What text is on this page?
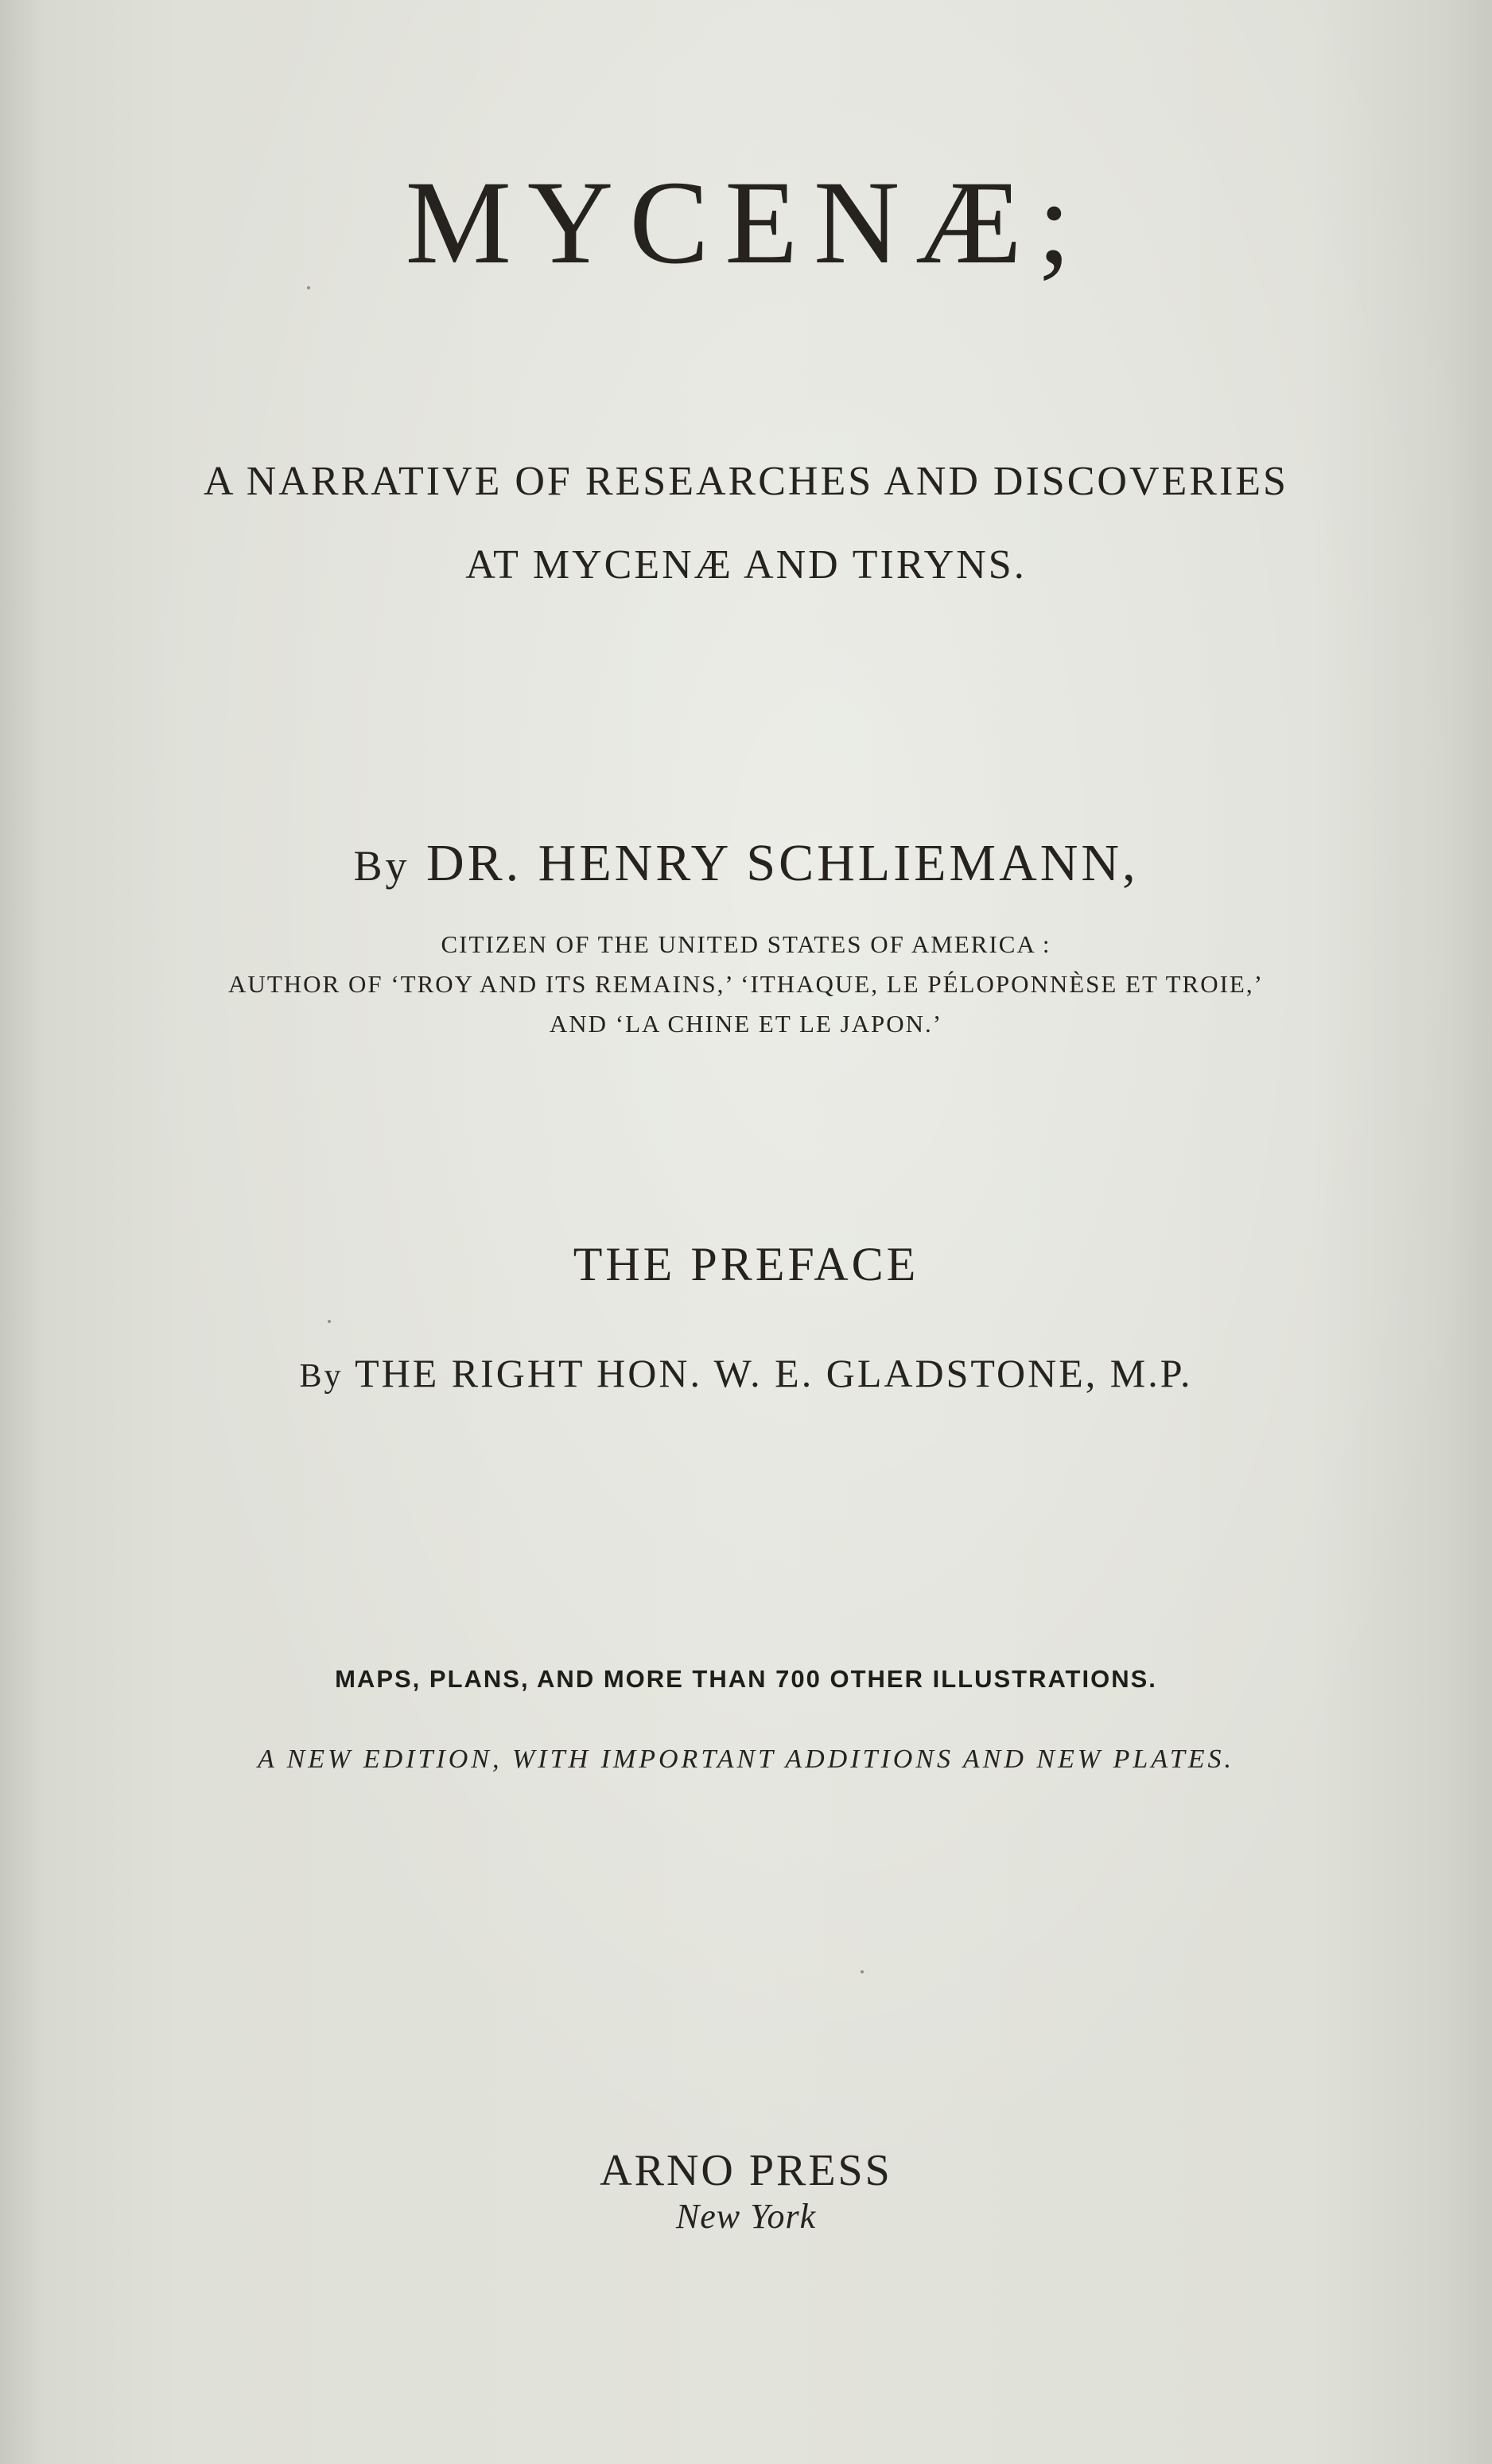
MYCENÆ;

A NARRATIVE OF RESEARCHES AND DISCOVERIES

AT MYCENÆ AND TIRYNS.

By DR. HENRY SCHLIEMANN,

CITIZEN OF THE UNITED STATES OF AMERICA :

AUTHOR OF ‘TROY AND ITS REMAINS,’ ‘ITHAQUE, LE PÉLOPONNÈSE ET TROIE,’

AND ‘LA CHINE ET LE JAPON.’

THE PREFACE

By THE RIGHT HON. W. E. GLADSTONE, M.P.

MAPS, PLANS, AND MORE THAN 700 OTHER ILLUSTRATIONS.

A NEW EDITION, WITH IMPORTANT ADDITIONS AND NEW PLATES.

ARNO PRESS

New York
